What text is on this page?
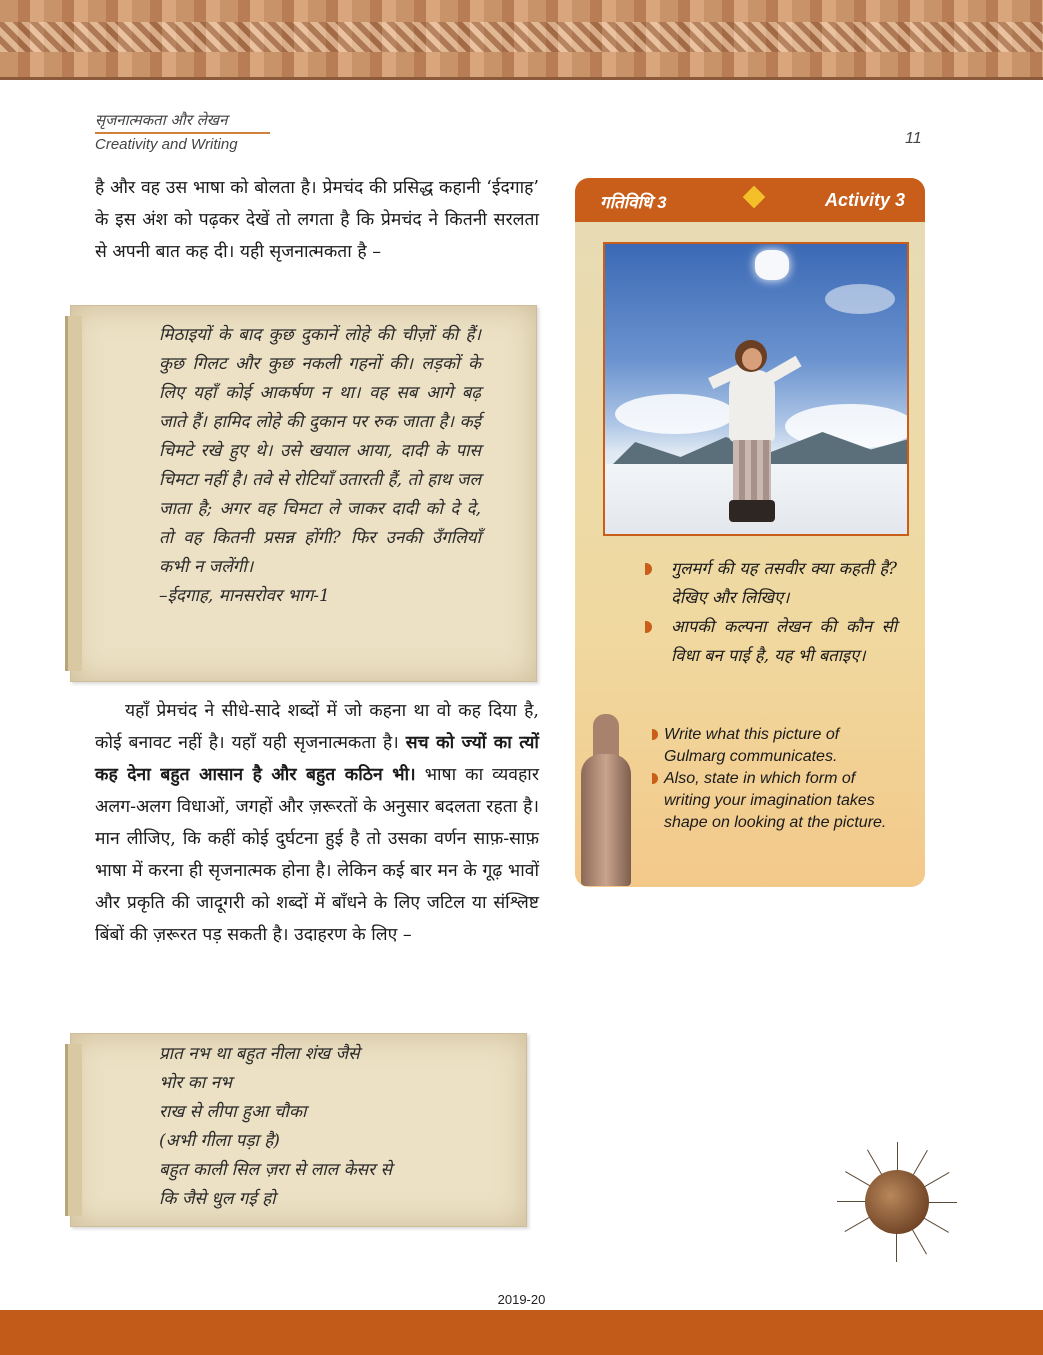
सृजनात्मकता और लेखन
Creativity and Writing	11

है और वह उस भाषा को बोलता है। प्रेमचंद की प्रसिद्ध कहानी ‘ईदगाह’ के इस अंश को पढ़कर देखें तो लगता है कि प्रेमचंद ने कितनी सरलता से अपनी बात कह दी। यही सृजनात्मकता है –

मिठाइयों के बाद कुछ दुकानें लोहे की चीज़ों की हैं। कुछ गिलट और कुछ नकली गहनों की। लड़कों के लिए यहाँ कोई आकर्षण न था। वह सब आगे बढ़ जाते हैं। हामिद लोहे की दुकान पर रुक जाता है। कई चिमटे रखे हुए थे। उसे खयाल आया, दादी के पास चिमटा नहीं है। तवे से रोटियाँ उतारती हैं, तो हाथ जल जाता है; अगर वह चिमटा ले जाकर दादी को दे दे, तो वह कितनी प्रसन्न होंगी? फिर उनकी उँगलियाँ कभी न जलेंगी।

–ईदगाह, मानसरोवर भाग-1

यहाँ प्रेमचंद ने सीधे-सादे शब्दों में जो कहना था वो कह दिया है, कोई बनावट नहीं है। यहाँ यही सृजनात्मकता है। सच को ज्यों का त्यों कह देना बहुत आसान है और बहुत कठिन भी। भाषा का व्यवहार अलग-अलग विधाओं, जगहों और ज़रूरतों के अनुसार बदलता रहता है। मान लीजिए, कि कहीं कोई दुर्घटना हुई है तो उसका वर्णन साफ़-साफ़ भाषा में करना ही सृजनात्मक होना है। लेकिन कई बार मन के गूढ़ भावों और प्रकृति की जादूगरी को शब्दों में बाँधने के लिए जटिल या संश्लिष्ट बिंबों की ज़रूरत पड़ सकती है। उदाहरण के लिए –

प्रात नभ था बहुत नीला शंख जैसे

भोर का नभ

राख से लीपा हुआ चौका

(अभी गीला पड़ा है)

बहुत काली सिल ज़रा से लाल केसर से

कि जैसे धुल गई हो

गतिविधि 3	Activity 3
गुलमर्ग की यह तसवीर क्या कहती है? देखिए और लिखिए।
आपकी कल्पना लेखन की कौन सी विधा बन पाई है, यह भी बताइए।
Write what this picture of Gulmarg communicates.
Also, state in which form of writing your imagination takes shape on looking at the picture.
2019-20
